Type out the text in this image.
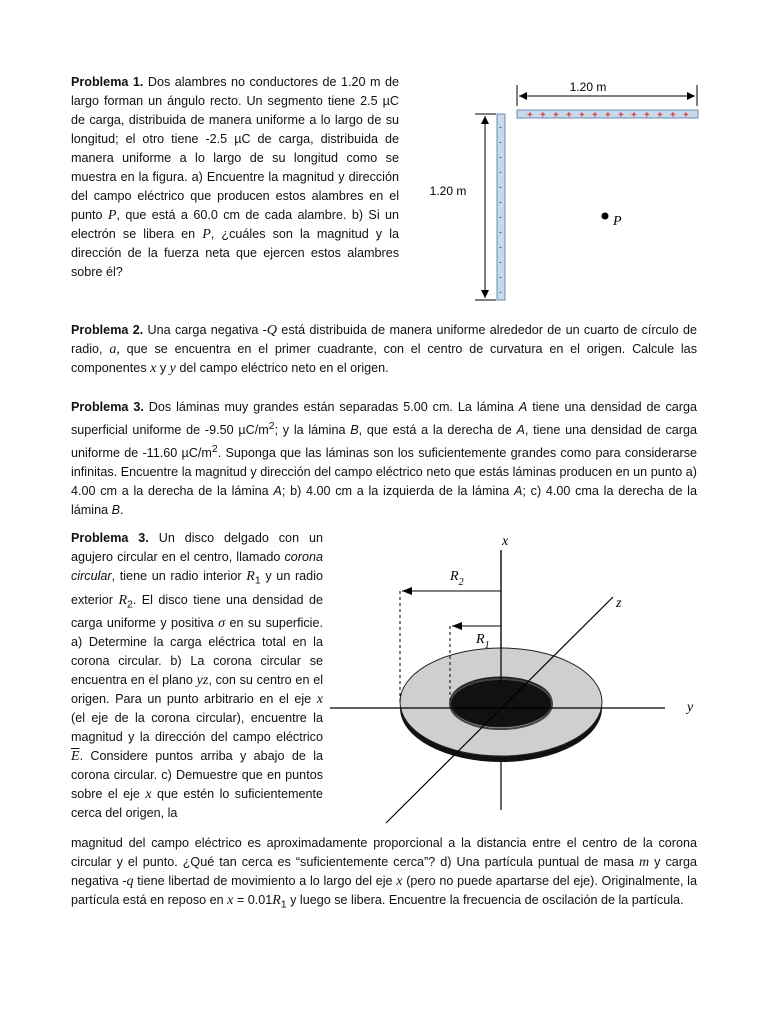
Problema 1. Dos alambres no conductores de 1.20 m de largo forman un ángulo recto. Un segmento tiene 2.5 µC de carga, distribuida de manera uniforme a lo largo de su longitud; el otro tiene -2.5 µC de carga, distribuida de manera uniforme a lo largo de su longitud como se muestra en la figura. a) Encuentre la magnitud y dirección del campo eléctrico que producen estos alambres en el punto P, que está a 60.0 cm de cada alambre. b) Si un electrón se libera en P, ¿cuáles son la magnitud y la dirección de la fuerza neta que ejercen estos alambres sobre él?
1.20 m
+ + + + + + + + + + + + +
-
-
-
-
-
-
-
-
-
-
-
-
1.20 m
P
Problema 2. Una carga negativa -Q está distribuida de manera uniforme alrededor de un cuarto de círculo de radio, a, que se encuentra en el primer cuadrante, con el centro de curvatura en el origen. Calcule las componentes x y y del campo eléctrico neto en el origen.
Problema 3. Dos láminas muy grandes están separadas 5.00 cm. La lámina A tiene una densidad de carga superficial uniforme de -9.50 $\mu C/m^2$; y la lámina B, que está a la derecha de A, tiene una densidad de carga uniforme de -11.60 $\mu C/m^2$. Suponga que las láminas son los suficientemente grandes como para considerarse infinitas. Encuentre la magnitud y dirección del campo eléctrico neto que estás láminas producen en un punto a) 4.00 cm a la derecha de la lámina A; b) 4.00 cm a la izquierda de la lámina A; c) 4.00 cma la derecha de la lámina B.
Problema 3. Un disco delgado con un agujero circular en el centro, llamado corona circular, tiene un radio interior $R_1$ y un radio exterior $R_2$. El disco tiene una densidad de carga uniforme y positiva σ en su superficie. a) Determine la carga eléctrica total en la corona circular. b) La corona circular se encuentra en el plano yz, con su centro en el origen. Para un punto arbitrario en el eje x (el eje de la corona circular), encuentre la magnitud y la dirección del campo eléctrico $\overline{E}$. Considere puntos arriba y abajo de la corona circular. c) Demuestre que en puntos sobre el eje x que estén lo suficientemente cerca del origen, la
magnitud del campo eléctrico es aproximadamente proporcional a la distancia entre el centro de la corona circular y el punto. ¿Qué tan cerca es “suficientemente cerca”? d) Una partícula puntual de masa m y carga negativa -q tiene libertad de movimiento a lo largo del eje x (pero no puede apartarse del eje). Originalmente, la partícula está en reposo en $x = 0.01R_1$ y luego se libera. Encuentre la frecuencia de oscilación de la partícula.
x
y
z
$R_2$
$R_1$
